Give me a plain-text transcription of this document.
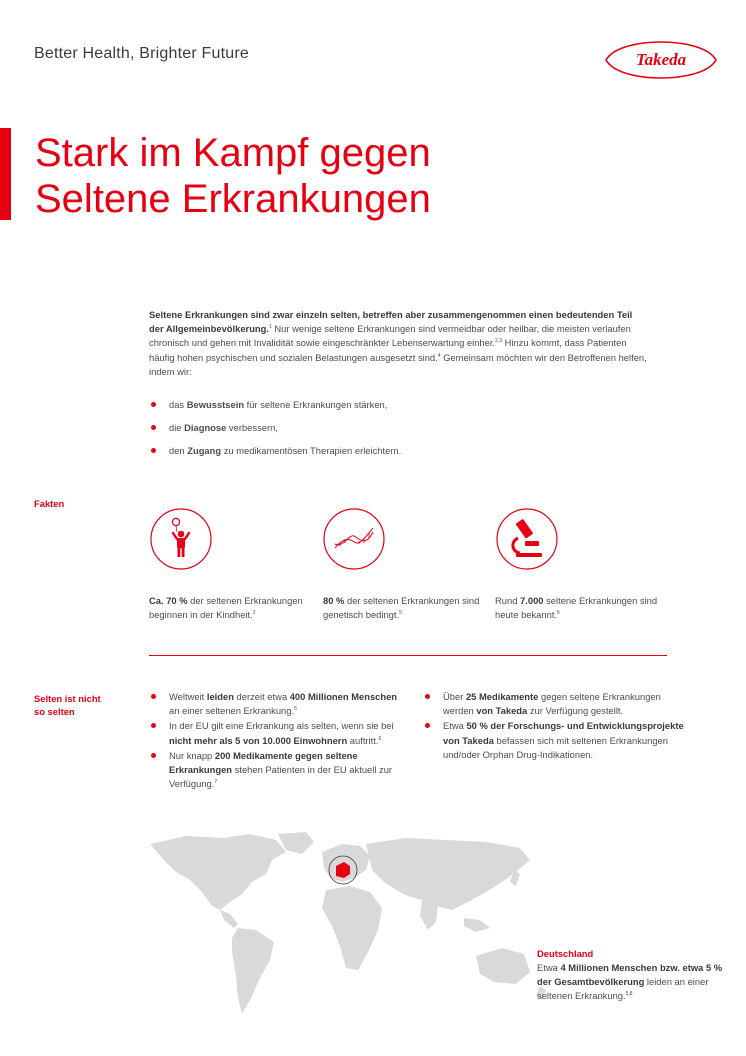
Better Health, Brighter Future	Takeda
Stark im Kampf gegen
Seltene Erkrankungen

Seltene Erkrankungen sind zwar einzeln selten, betreffen aber zusammengenommen einen bedeutenden Teil der Allgemeinbevölkerung.$^1$ Nur wenige seltene Erkrankungen sind vermeidbar oder heilbar, die meisten verlaufen chronisch und gehen mit Invalidität sowie eingeschränkter Lebenserwartung einher.$^{2,3}$ Hinzu kommt, dass Patienten häufig hohen psychischen und sozialen Belastungen ausgesetzt sind.$^4$ Gemeinsam möchten wir den Betroffenen helfen, indem wir:

das Bewusstsein für seltene Erkrankungen stärken,
die Diagnose verbessern,
den Zugang zu medikamentösen Therapien erleichtern.
Fakten
Ca. 70 % der seltenen Erkrankungen beginnen in der Kindheit.$^2$
80 % der seltenen Erkrankungen sind genetisch bedingt.$^5$
Rund 7.000 seltene Erkrankungen sind heute bekannt.$^5$
Selten ist nicht
so selten
Weltweit leiden derzeit etwa 400 Millionen Menschen an einer seltenen Erkrankung.$^5$
In der EU gilt eine Erkrankung als selten, wenn sie bei nicht mehr als 5 von 10.000 Einwohnern auftritt.$^6$
Nur knapp 200 Medikamente gegen seltene Erkrankungen stehen Patienten in der EU aktuell zur Verfügung.$^7$
Über 25 Medikamente gegen seltene Erkrankungen werden von Takeda zur Verfügung gestellt.
Etwa 50 % der Forschungs- und Entwicklungsprojekte von Takeda befassen sich mit seltenen Erkrankungen und/oder Orphan Drug-Indikationen.
Deutschland
Etwa 4 Millionen Menschen bzw. etwa 5 % der Gesamtbevölkerung leiden an einer seltenen Erkrankung.$^{5,8}$
